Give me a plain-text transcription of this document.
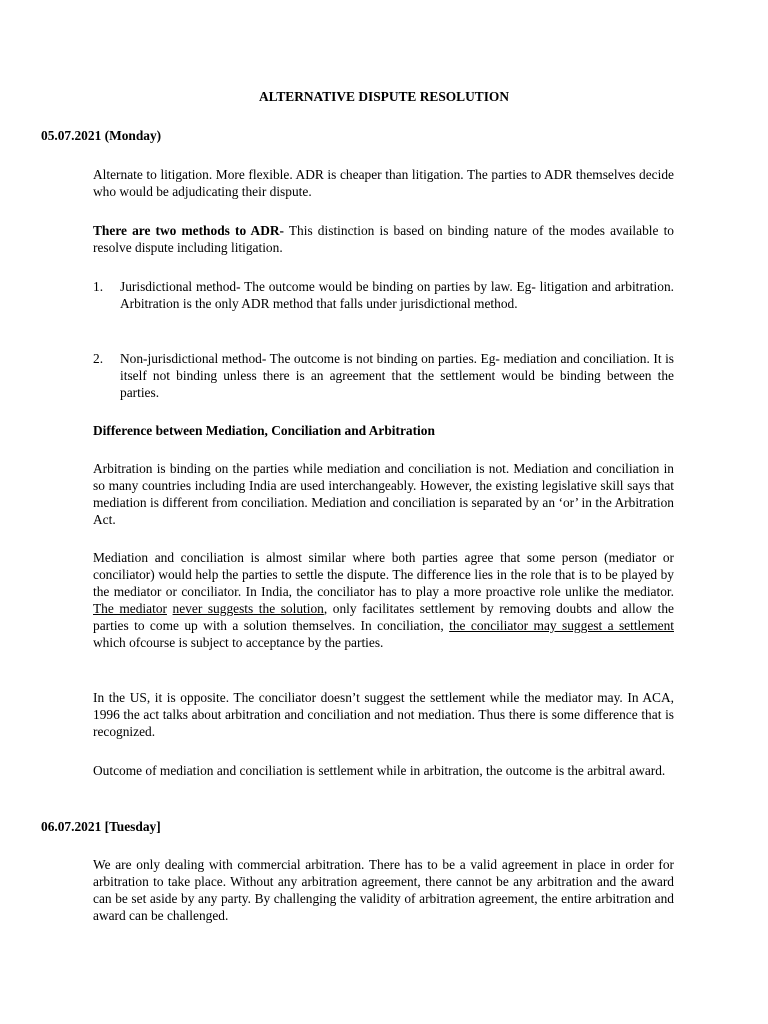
ALTERNATIVE DISPUTE RESOLUTION
05.07.2021 (Monday)

Alternate to litigation. More flexible. ADR is cheaper than litigation. The parties to ADR themselves decide who would be adjudicating their dispute.

There are two methods to ADR- This distinction is based on binding nature of the modes available to resolve dispute including litigation.

1. Jurisdictional method- The outcome would be binding on parties by law. Eg- litigation and arbitration. Arbitration is the only ADR method that falls under jurisdictional method.
2. Non-jurisdictional method- The outcome is not binding on parties. Eg- mediation and conciliation. It is itself not binding unless there is an agreement that the settlement would be binding between the parties.
Difference between Mediation, Conciliation and Arbitration

Arbitration is binding on the parties while mediation and conciliation is not. Mediation and conciliation in so many countries including India are used interchangeably. However, the existing legislative skill says that mediation is different from conciliation. Mediation and conciliation is separated by an ‘or’ in the Arbitration Act.

Mediation and conciliation is almost similar where both parties agree that some person (mediator or conciliator) would help the parties to settle the dispute. The difference lies in the role that is to be played by the mediator or conciliator. In India, the conciliator has to play a more proactive role unlike the mediator. The mediator never suggests the solution, only facilitates settlement by removing doubts and allow the parties to come up with a solution themselves. In conciliation, the conciliator may suggest a settlement which ofcourse is subject to acceptance by the parties.

In the US, it is opposite. The conciliator doesn’t suggest the settlement while the mediator may. In ACA, 1996 the act talks about arbitration and conciliation and not mediation. Thus there is some difference that is recognized.

Outcome of mediation and conciliation is settlement while in arbitration, the outcome is the arbitral award.

06.07.2021 [Tuesday]

We are only dealing with commercial arbitration. There has to be a valid agreement in place in order for arbitration to take place. Without any arbitration agreement, there cannot be any arbitration and the award can be set aside by any party. By challenging the validity of arbitration agreement, the entire arbitration and award can be challenged.
